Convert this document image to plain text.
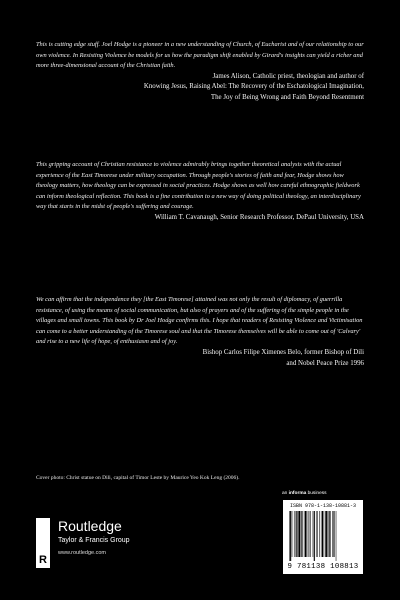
This is cutting edge stuff. Joel Hodge is a pioneer in a new understanding of Church, of Eucharist and of our relationship to our own violence. In Resisting Violence be models for us how the paradigm shift enabled by Girard's insights can yield a richer and more three-dimensional account of the Christian faith.

James Alison, Catholic priest, theologian and author of
Knowing Jesus, Raising Abel: The Recovery of the Eschatological Imagination,
The Joy of Being Wrong and Faith Beyond Resentment

This gripping account of Christian resistance to violence admirably brings together theoretical analysis with the actual experience of the East Timorese under military occupation. Through people's stories of faith and fear, Hodge shows how theology matters, how theology can be expressed in social practices. Hodge shows as well how careful ethnographic fieldwork can inform theological reflection. This book is a fine contribution to a new way of doing political theology, an interdisciplinary way that starts in the midst of people's suffering and courage.

William T. Cavanaugh, Senior Research Professor, DePaul University, USA

We can affirm that the independence they [the East Timorese] attained was not only the result of diplomacy, of guerrilla resistance, of using the means of social communication, but also of prayers and of the suffering of the simple people in the villages and small towns. This book by Dr Joel Hodge confirms this. I hope that readers of Resisting Violence and Victimisation can come to a better understanding of the Timorese soul and that the Timorese themselves will be able to come out of 'Calvary' and rise to a new life of hope, of enthusiasm and of joy.

Bishop Carlos Filipe Ximenes Belo, former Bishop of Dili
and Nobel Peace Prize 1996
Cover photo: Christ statue on Dili, capital of Timor Leste by Maurice Yeo Kok Leng (2006).
R
Routledge
Taylor & Francis Group
www.routledge.com
an informa business
ISBN 978-1-138-10881-3
9 781138 108813
